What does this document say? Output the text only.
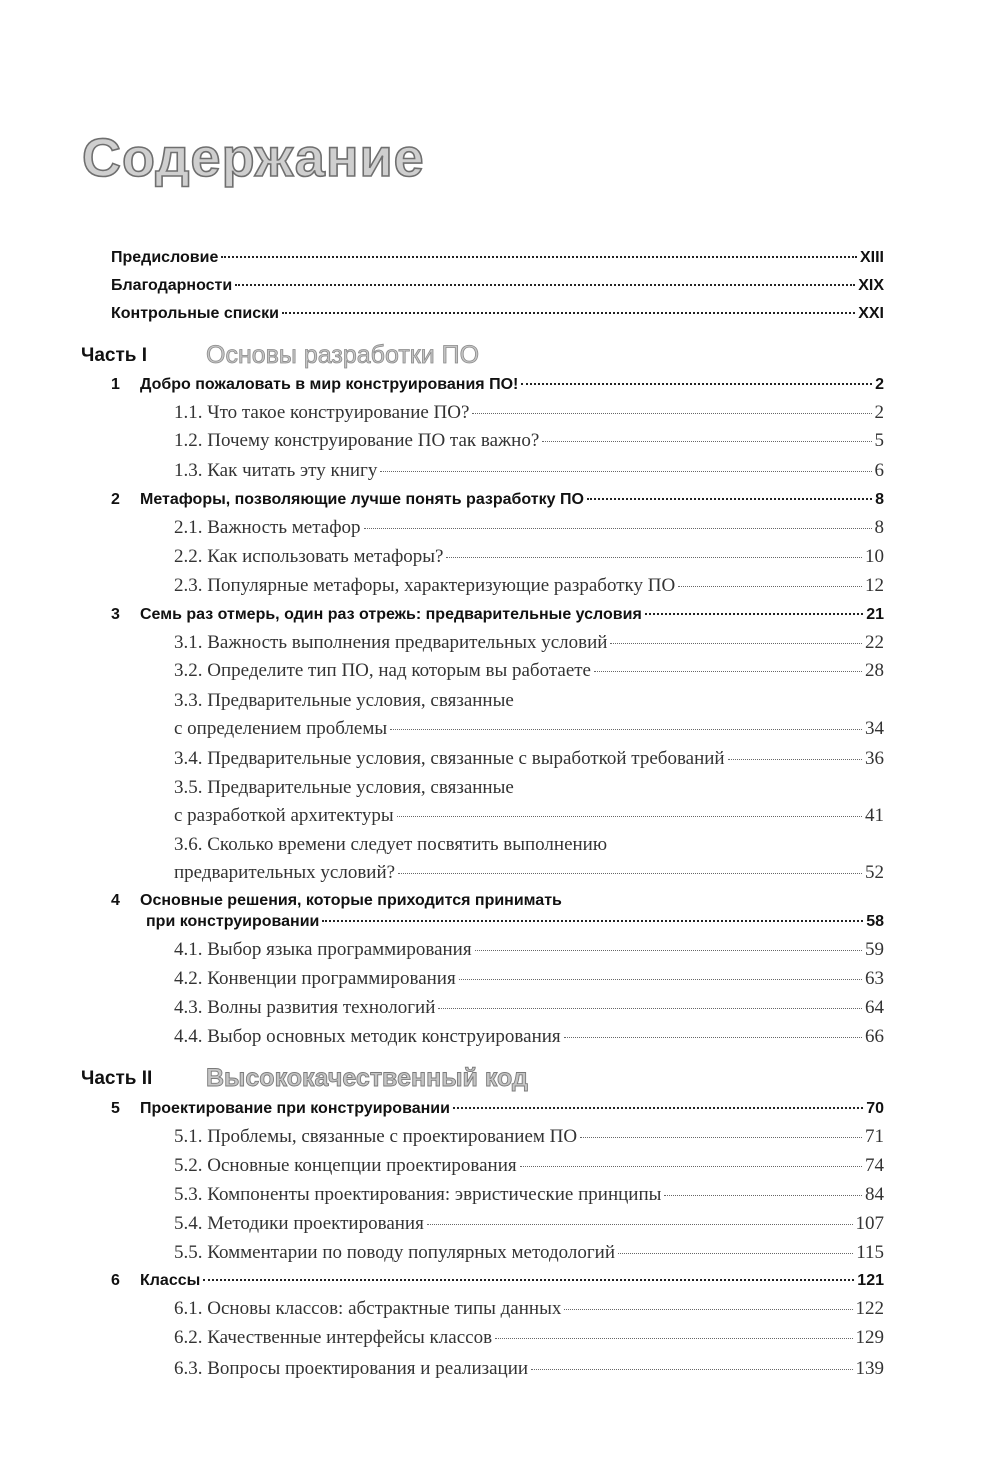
Содержание
Предисловие	XIII
Благодарности	XIX
Контрольные списки	XXI
Часть I Основы разработки ПО
1 Добро пожаловать в мир конструирования ПО!	2
1.1. Что такое конструирование ПО?	2
1.2. Почему конструирование ПО так важно?	5
1.3. Как читать эту книгу	6
2 Метафоры, позволяющие лучше понять разработку ПО	8
2.1. Важность метафор	8
2.2. Как использовать метафоры?	10
2.3. Популярные метафоры, характеризующие разработку ПО	12
3 Семь раз отмерь, один раз отрежь: предварительные условия	21
3.1. Важность выполнения предварительных условий	22
3.2. Определите тип ПО, над которым вы работаете	28
3.3. Предварительные условия, связанные
с определением проблемы	34
3.4. Предварительные условия, связанные с выработкой требований	36
3.5. Предварительные условия, связанные
с разработкой архитектуры	41
3.6. Сколько времени следует посвятить выполнению
предварительных условий?	52
4 Основные решения, которые приходится принимать
при конструировании	58
4.1. Выбор языка программирования	59
4.2. Конвенции программирования	63
4.3. Волны развития технологий	64
4.4. Выбор основных методик конструирования	66
Часть II Высококачественный код
5 Проектирование при конструировании	70
5.1. Проблемы, связанные с проектированием ПО	71
5.2. Основные концепции проектирования	74
5.3. Компоненты проектирования: эвристические принципы	84
5.4. Методики проектирования	107
5.5. Комментарии по поводу популярных методологий	115
6 Классы	121
6.1. Основы классов: абстрактные типы данных	122
6.2. Качественные интерфейсы классов	129
6.3. Вопросы проектирования и реализации	139
